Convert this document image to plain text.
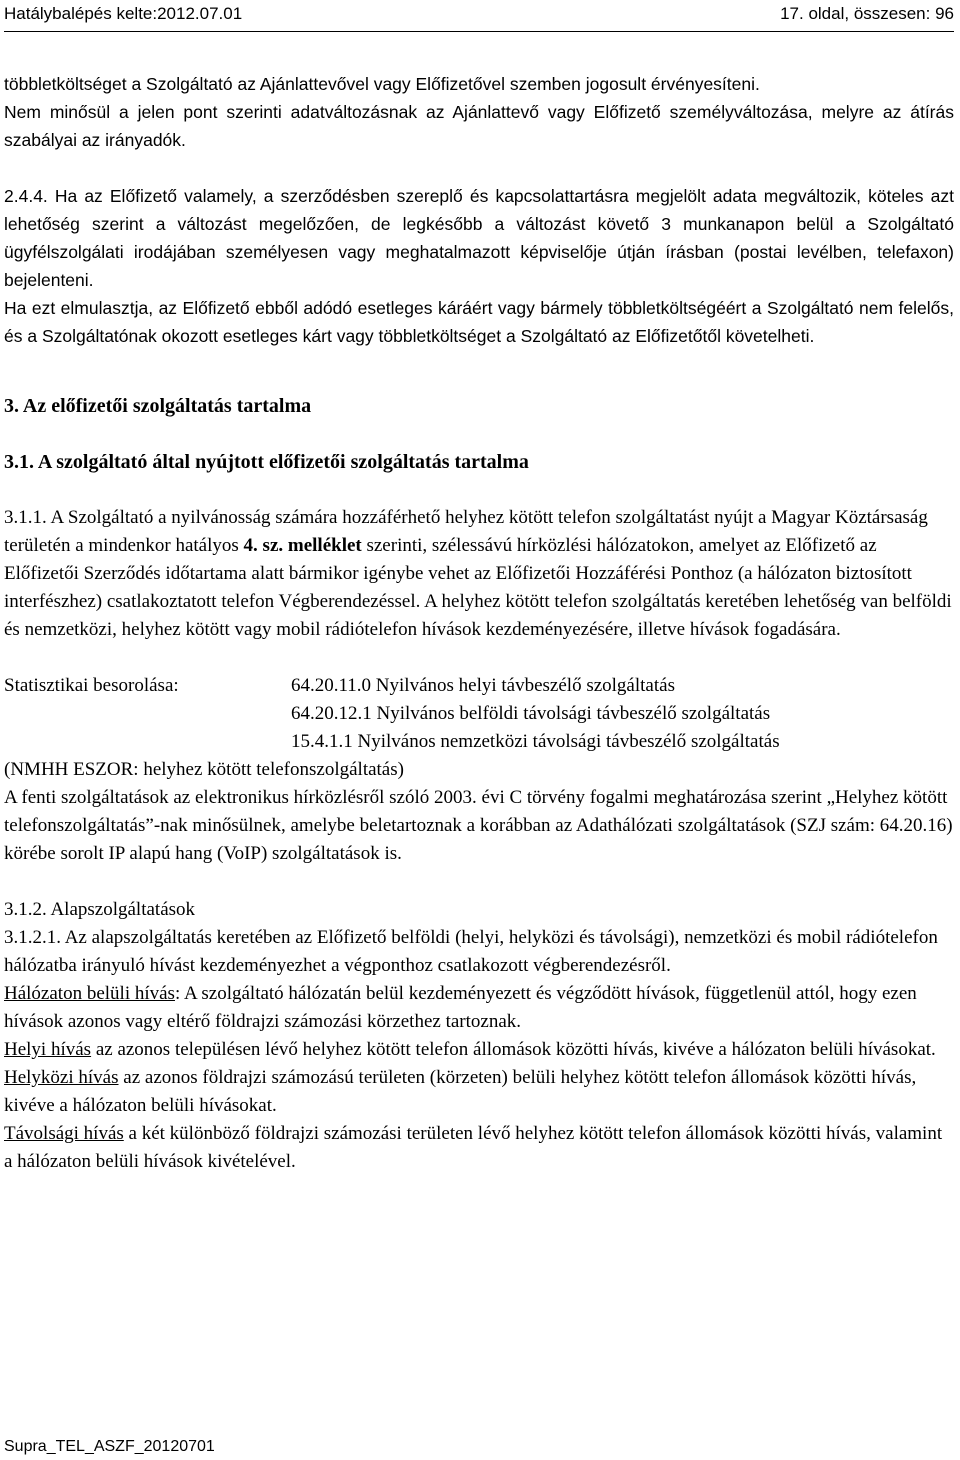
Hatálybalépés kelte:2012.07.01	17. oldal, összesen: 96

többletköltséget a Szolgáltató az Ajánlattevővel vagy Előfizetővel szemben jogosult érvényesíteni.

Nem minősül a jelen pont szerinti adatváltozásnak az Ajánlattevő vagy Előfizető személyváltozása, melyre az átírás szabályai az irányadók.

2.4.4. Ha az Előfizető valamely, a szerződésben szereplő és kapcsolattartásra megjelölt adata megváltozik, köteles azt lehetőség szerint a változást megelőzően, de legkésőbb a változást követő 3 munkanapon belül a Szolgáltató ügyfélszolgálati irodájában személyesen vagy meghatalmazott képviselője útján írásban (postai levélben, telefaxon) bejelenteni.

Ha ezt elmulasztja, az Előfizető ebből adódó esetleges káráért vagy bármely többletköltségéért a Szolgáltató nem felelős, és a Szolgáltatónak okozott esetleges kárt vagy többletköltséget a Szolgáltató az Előfizetőtől követelheti.

3. Az előfizetői szolgáltatás tartalma

3.1. A szolgáltató által nyújtott előfizetői szolgáltatás tartalma

3.1.1. A Szolgáltató a nyilvánosság számára hozzáférhető helyhez kötött telefon szolgáltatást nyújt a Magyar Köztársaság területén a mindenkor hatályos 4. sz. melléklet szerinti, szélessávú hírközlési hálózatokon, amelyet az Előfizető az Előfizetői Szerződés időtartama alatt bármikor igénybe vehet az Előfizetői Hozzáférési Ponthoz (a hálózaton biztosított interfészhez) csatlakoztatott telefon Végberendezéssel. A helyhez kötött telefon szolgáltatás keretében lehetőség van belföldi és nemzetközi, helyhez kötött vagy mobil rádiótelefon hívások kezdeményezésére, illetve hívások fogadására.

Statisztikai besorolása:	64.20.11.0 Nyilvános helyi távbeszélő szolgáltatás
64.20.12.1 Nyilvános belföldi távolsági távbeszélő szolgáltatás
15.4.1.1 Nyilvános nemzetközi távolsági távbeszélő szolgáltatás

(NMHH ESZOR: helyhez kötött telefonszolgáltatás)

A fenti szolgáltatások az elektronikus hírközlésről szóló 2003. évi C törvény fogalmi meghatározása szerint „Helyhez kötött telefonszolgáltatás”-nak minősülnek, amelybe beletartoznak a korábban az Adathálózati szolgáltatások (SZJ szám: 64.20.16) körébe sorolt IP alapú hang (VoIP) szolgáltatások is.

3.1.2. Alapszolgáltatások

3.1.2.1. Az alapszolgáltatás keretében az Előfizető belföldi (helyi, helyközi és távolsági), nemzetközi és mobil rádiótelefon hálózatba irányuló hívást kezdeményezhet a végponthoz csatlakozott végberendezésről.

Hálózaton belüli hívás: A szolgáltató hálózatán belül kezdeményezett és végződött hívások, függetlenül attól, hogy ezen hívások azonos vagy eltérő földrajzi számozási körzethez tartoznak.

Helyi hívás az azonos településen lévő helyhez kötött telefon állomások közötti hívás, kivéve a hálózaton belüli hívásokat.

Helyközi hívás az azonos földrajzi számozású területen (körzeten) belüli helyhez kötött telefon állomások közötti hívás, kivéve a hálózaton belüli hívásokat.

Távolsági hívás a két különböző földrajzi számozási területen lévő helyhez kötött telefon állomások közötti hívás, valamint a hálózaton belüli hívások kivételével.

Supra_TEL_ASZF_20120701
